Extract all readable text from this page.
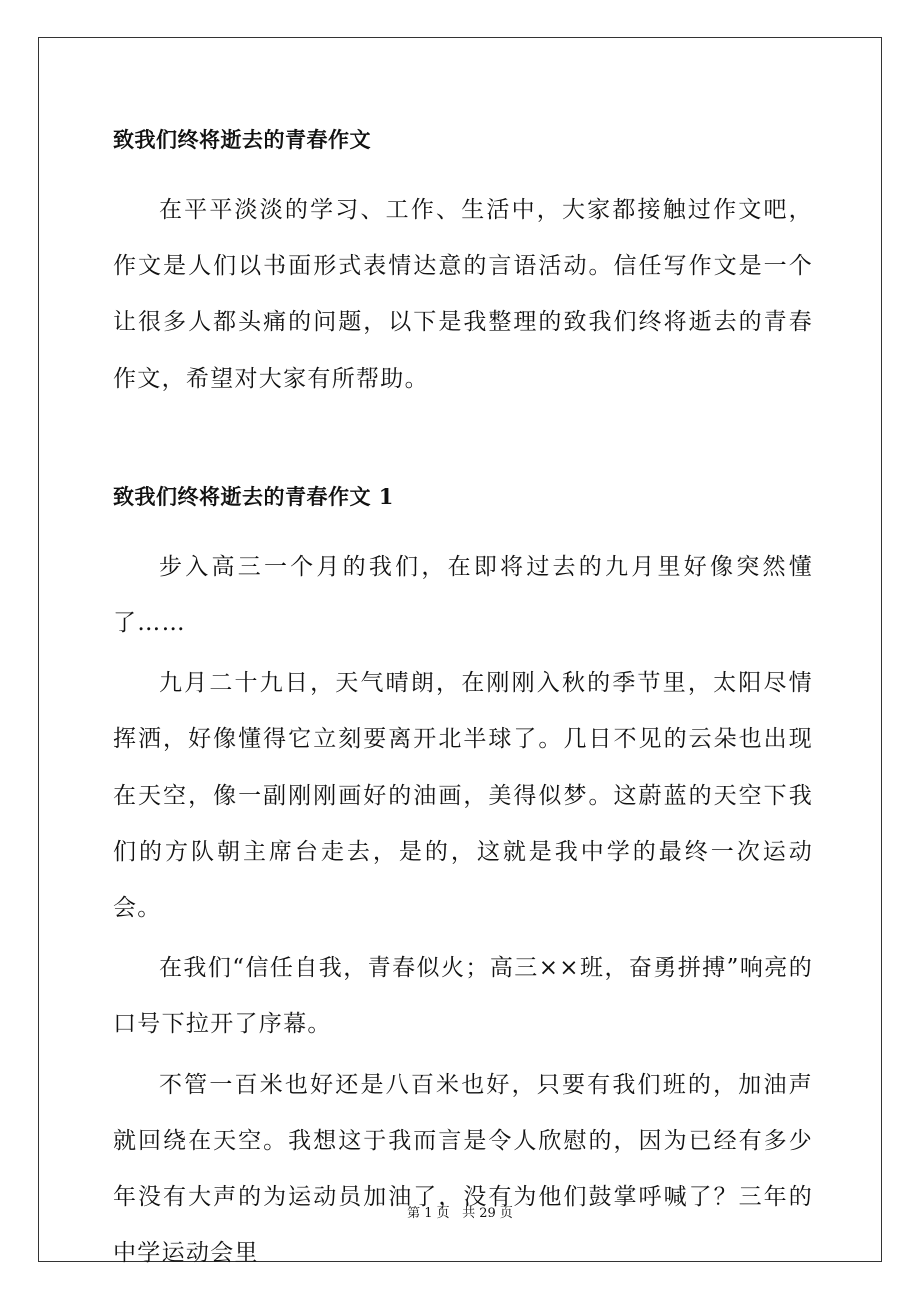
致我们终将逝去的青春作文

在平平淡淡的学习、工作、生活中，大家都接触过作文吧，作文是人们以书面形式表情达意的言语活动。信任写作文是一个让很多人都头痛的问题，以下是我整理的致我们终将逝去的青春作文，希望对大家有所帮助。

致我们终将逝去的青春作文 1

步入高三一个月的我们，在即将过去的九月里好像突然懂了……

九月二十九日，天气晴朗，在刚刚入秋的季节里，太阳尽情挥洒，好像懂得它立刻要离开北半球了。几日不见的云朵也出现在天空，像一副刚刚画好的油画，美得似梦。这蔚蓝的天空下我们的方队朝主席台走去，是的，这就是我中学的最终一次运动会。

在我们“信任自我，青春似火；高三××班，奋勇拼搏”响亮的口号下拉开了序幕。

不管一百米也好还是八百米也好，只要有我们班的，加油声就回绕在天空。我想这于我而言是令人欣慰的，因为已经有多少年没有大声的为运动员加油了，没有为他们鼓掌呼喊了？三年的中学运动会里

第 1 页 共 29 页
